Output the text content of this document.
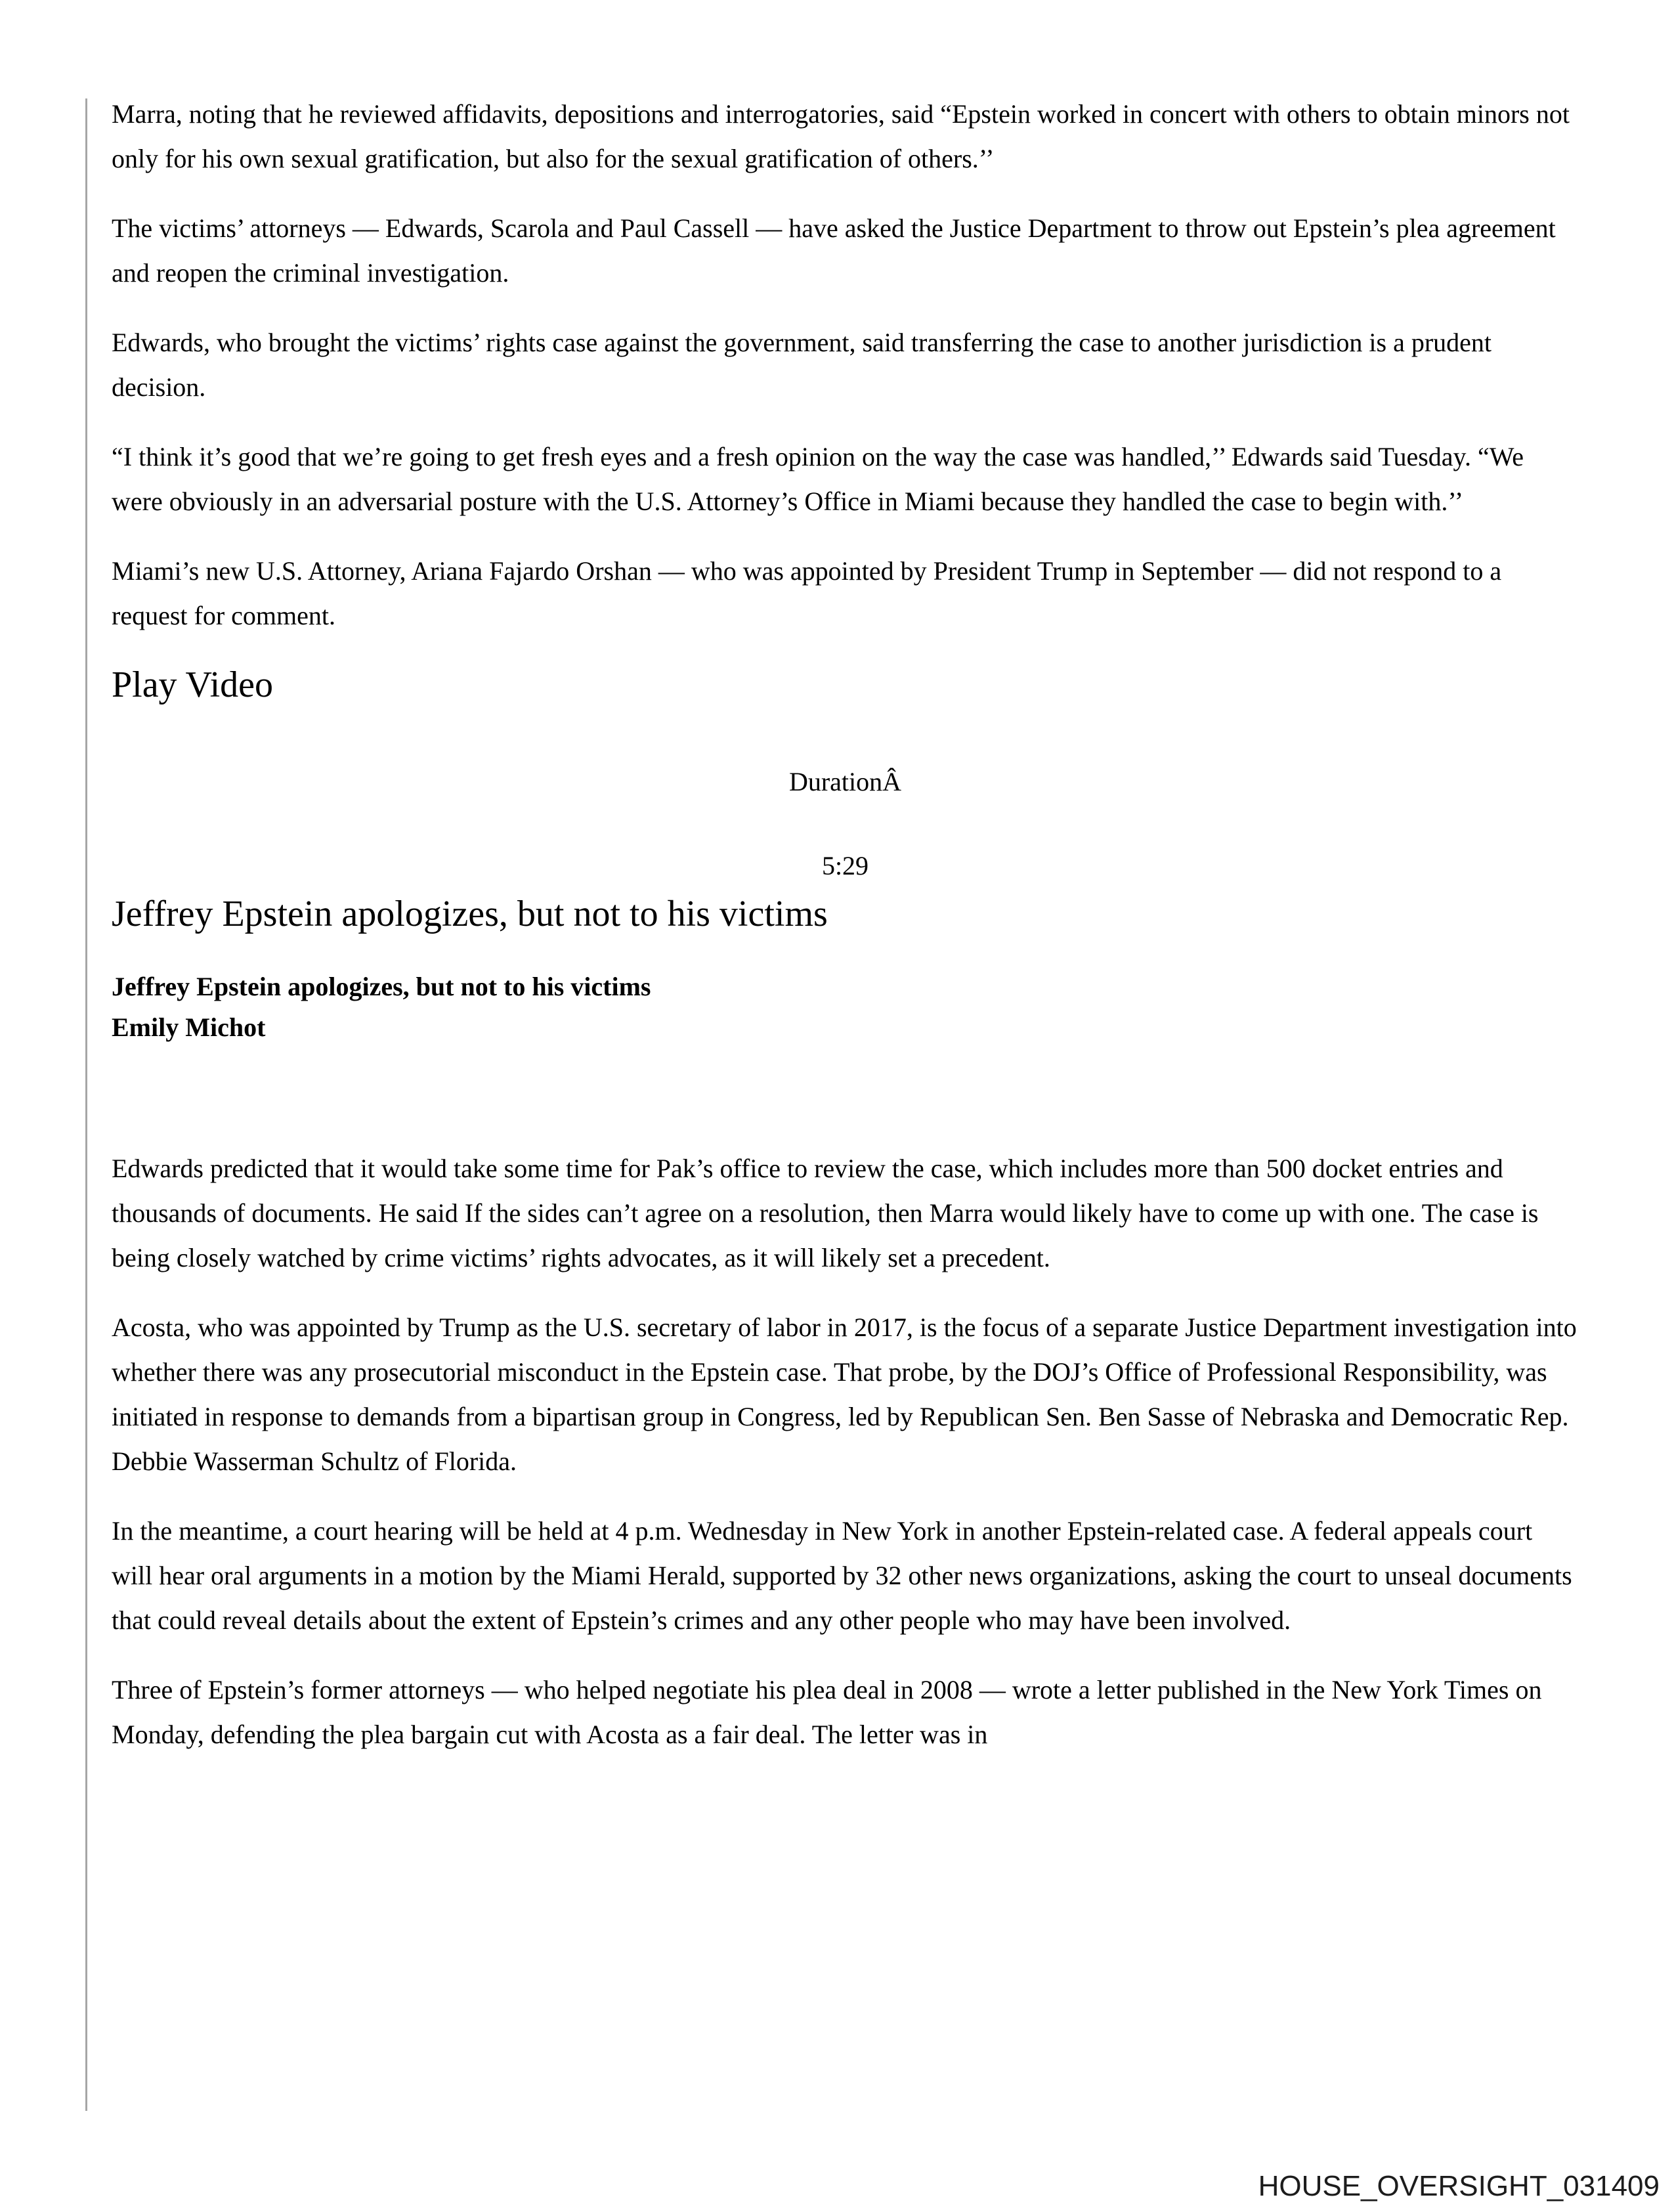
Marra, noting that he reviewed affidavits, depositions and interrogatories, said “Epstein worked in concert with others to obtain minors not only for his own sexual gratification, but also for the sexual gratification of others.’’

The victims’ attorneys — Edwards, Scarola and Paul Cassell — have asked the Justice Department to throw out Epstein’s plea agreement and reopen the criminal investigation.

Edwards, who brought the victims’ rights case against the government, said transferring the case to another jurisdiction is a prudent decision.

“I think it’s good that we’re going to get fresh eyes and a fresh opinion on the way the case was handled,’’ Edwards said Tuesday. “We were obviously in an adversarial posture with the U.S. Attorney’s Office in Miami because they handled the case to begin with.’’

Miami’s new U.S. Attorney, Ariana Fajardo Orshan — who was appointed by President Trump in September — did not respond to a request for comment.

Play Video
DurationÂ
5:29
Jeffrey Epstein apologizes, but not to his victims
Jeffrey Epstein apologizes, but not to his victims
Emily Michot

Edwards predicted that it would take some time for Pak’s office to review the case, which includes more than 500 docket entries and thousands of documents. He said If the sides can’t agree on a resolution, then Marra would likely have to come up with one. The case is being closely watched by crime victims’ rights advocates, as it will likely set a precedent.

Acosta, who was appointed by Trump as the U.S. secretary of labor in 2017, is the focus of a separate Justice Department investigation into whether there was any prosecutorial misconduct in the Epstein case. That probe, by the DOJ’s Office of Professional Responsibility, was initiated in response to demands from a bipartisan group in Congress, led by Republican Sen. Ben Sasse of Nebraska and Democratic Rep. Debbie Wasserman Schultz of Florida.

In the meantime, a court hearing will be held at 4 p.m. Wednesday in New York in another Epstein-related case. A federal appeals court will hear oral arguments in a motion by the Miami Herald, supported by 32 other news organizations, asking the court to unseal documents that could reveal details about the extent of Epstein’s crimes and any other people who may have been involved.

Three of Epstein’s former attorneys — who helped negotiate his plea deal in 2008 — wrote a letter published in the New York Times on Monday, defending the plea bargain cut with Acosta as a fair deal. The letter was in

HOUSE_OVERSIGHT_031409
